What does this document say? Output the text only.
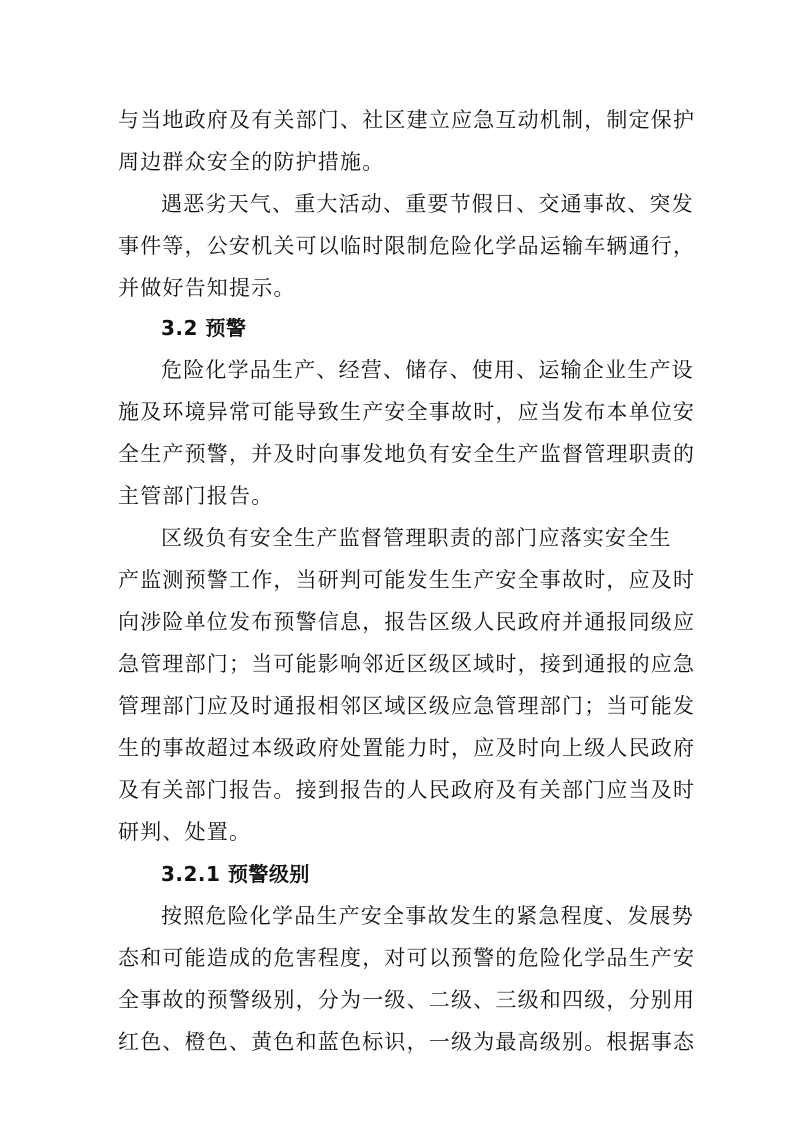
与当地政府及有关部门、社区建立应急互动机制，制定保护
周边群众安全的防护措施。
遇恶劣天气、重大活动、重要节假日、交通事故、突发
事件等，公安机关可以临时限制危险化学品运输车辆通行，
并做好告知提示。
3.2 预警
危险化学品生产、经营、储存、使用、运输企业生产设
施及环境异常可能导致生产安全事故时，应当发布本单位安
全生产预警，并及时向事发地负有安全生产监督管理职责的
主管部门报告。
区级负有安全生产监督管理职责的部门应落实安全生
产监测预警工作，当研判可能发生生产安全事故时，应及时
向涉险单位发布预警信息，报告区级人民政府并通报同级应
急管理部门；当可能影响邻近区级区域时，接到通报的应急
管理部门应及时通报相邻区域区级应急管理部门；当可能发
生的事故超过本级政府处置能力时，应及时向上级人民政府
及有关部门报告。接到报告的人民政府及有关部门应当及时
研判、处置。
3.2.1 预警级别
按照危险化学品生产安全事故发生的紧急程度、发展势
态和可能造成的危害程度，对可以预警的危险化学品生产安
全事故的预警级别，分为一级、二级、三级和四级，分别用
红色、橙色、黄色和蓝色标识，一级为最高级别。根据事态
